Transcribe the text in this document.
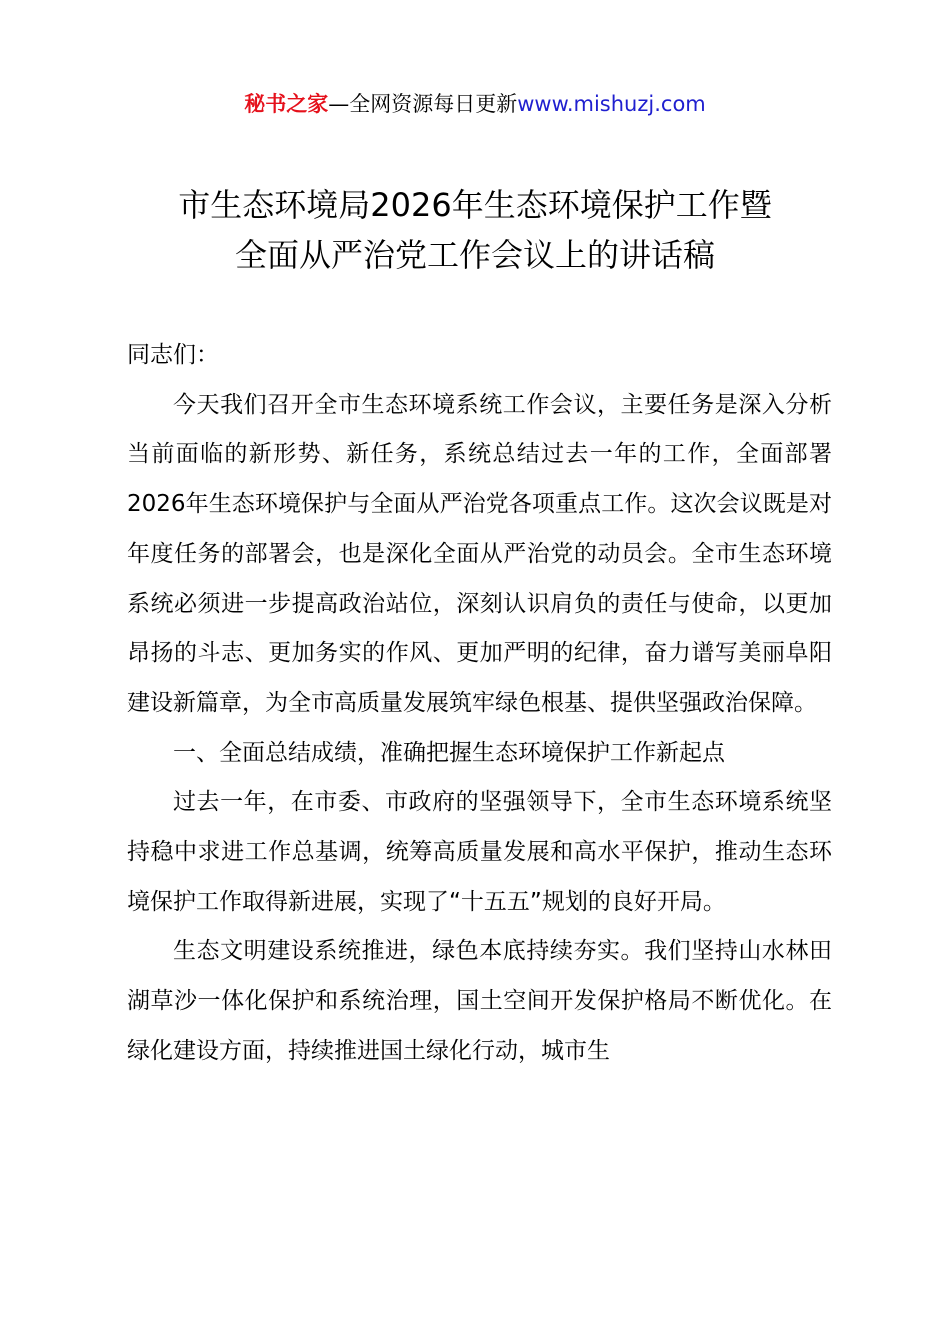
秘书之家—全网资源每日更新www.mishuzj.com
市生态环境局2026年生态环境保护工作暨
全面从严治党工作会议上的讲话稿

同志们：

今天我们召开全市生态环境系统工作会议，主要任务是深入分析当前面临的新形势、新任务，系统总结过去一年的工作，全面部署2026年生态环境保护与全面从严治党各项重点工作。这次会议既是对年度任务的部署会，也是深化全面从严治党的动员会。全市生态环境系统必须进一步提高政治站位，深刻认识肩负的责任与使命，以更加昂扬的斗志、更加务实的作风、更加严明的纪律，奋力谱写美丽阜阳建设新篇章，为全市高质量发展筑牢绿色根基、提供坚强政治保障。

一、全面总结成绩，准确把握生态环境保护工作新起点

过去一年，在市委、市政府的坚强领导下，全市生态环境系统坚持稳中求进工作总基调，统筹高质量发展和高水平保护，推动生态环境保护工作取得新进展，实现了“十五五”规划的良好开局。

生态文明建设系统推进，绿色本底持续夯实。我们坚持山水林田湖草沙一体化保护和系统治理，国土空间开发保护格局不断优化。在绿化建设方面，持续推进国土绿化行动，城市生
